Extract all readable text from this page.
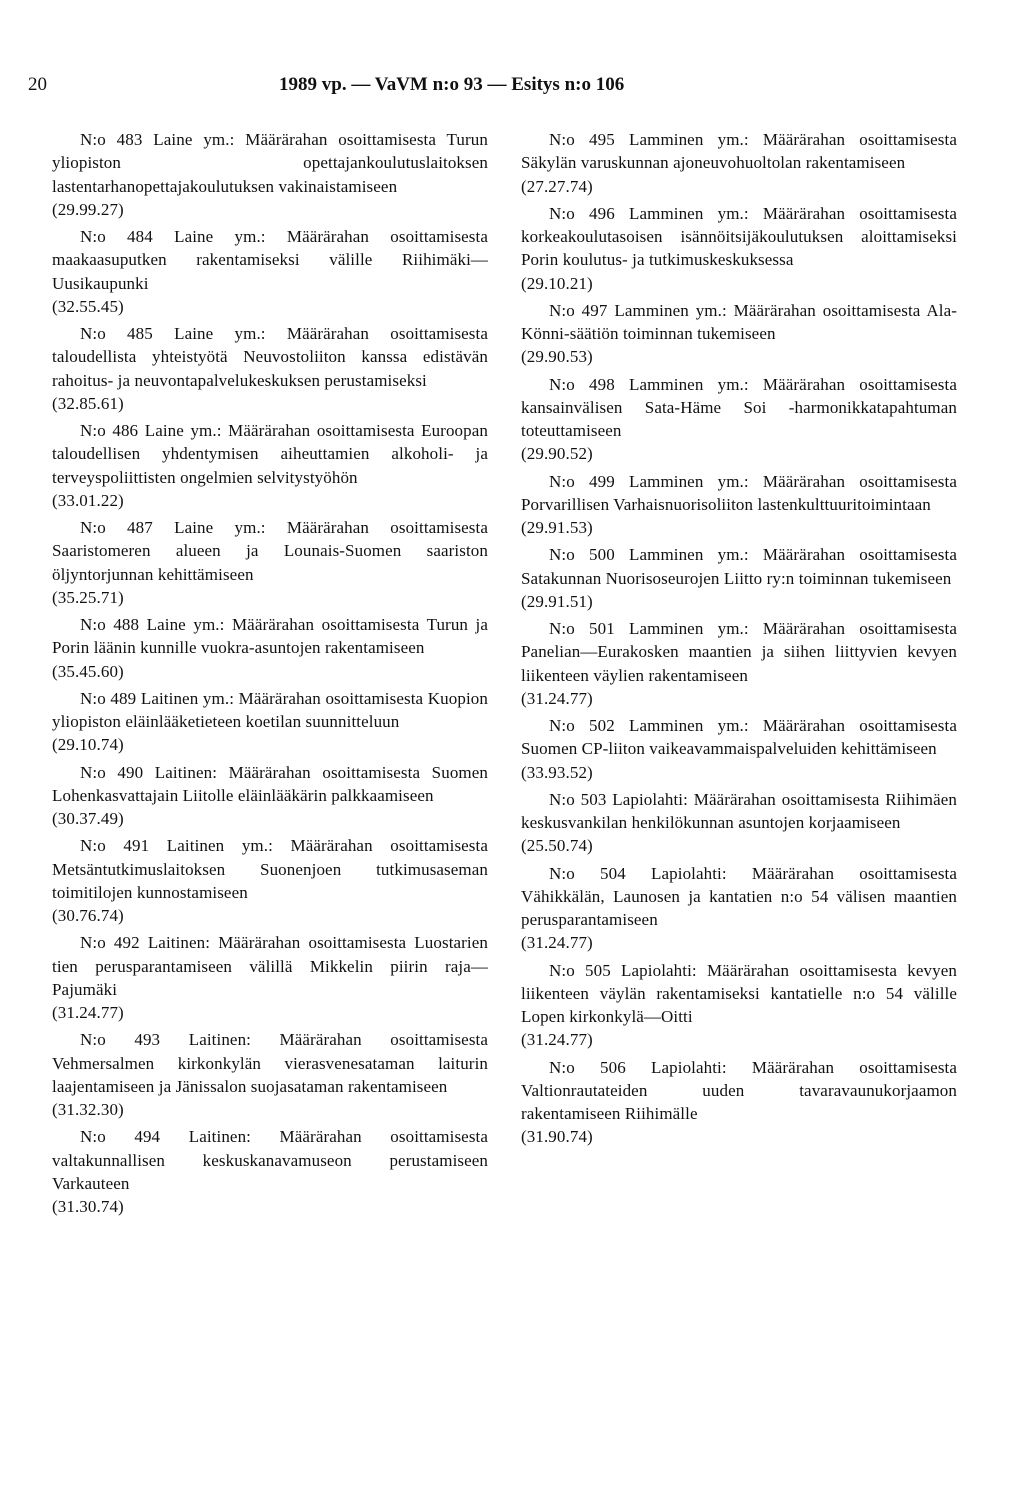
20	1989 vp. — VaVM n:o 93 — Esitys n:o 106

N:o 483 Laine ym.: Määrärahan osoittamisesta Turun yliopiston opettajankoulutuslaitoksen lastentarhanopettajakoulutuksen vakinaistamiseen

(29.99.27)

N:o 484 Laine ym.: Määrärahan osoittamisesta maakaasuputken rakentamiseksi välille Riihimäki—Uusikaupunki

(32.55.45)

N:o 485 Laine ym.: Määrärahan osoittamisesta taloudellista yhteistyötä Neuvostoliiton kanssa edistävän rahoitus- ja neuvontapalvelukeskuksen perustamiseksi

(32.85.61)

N:o 486 Laine ym.: Määrärahan osoittamisesta Euroopan taloudellisen yhdentymisen aiheuttamien alkoholi- ja terveyspoliittisten ongelmien selvitystyöhön

(33.01.22)

N:o 487 Laine ym.: Määrärahan osoittamisesta Saaristomeren alueen ja Lounais-Suomen saariston öljyntorjunnan kehittämiseen

(35.25.71)

N:o 488 Laine ym.: Määrärahan osoittamisesta Turun ja Porin läänin kunnille vuokra-asuntojen rakentamiseen

(35.45.60)

N:o 489 Laitinen ym.: Määrärahan osoittamisesta Kuopion yliopiston eläinlääketieteen koetilan suunnitteluun

(29.10.74)

N:o 490 Laitinen: Määrärahan osoittamisesta Suomen Lohenkasvattajain Liitolle eläinlääkärin palkkaamiseen

(30.37.49)

N:o 491 Laitinen ym.: Määrärahan osoittamisesta Metsäntutkimuslaitoksen Suonenjoen tutkimusaseman toimitilojen kunnostamiseen

(30.76.74)

N:o 492 Laitinen: Määrärahan osoittamisesta Luostarien tien perusparantamiseen välillä Mikkelin piirin raja—Pajumäki

(31.24.77)

N:o 493 Laitinen: Määrärahan osoittamisesta Vehmersalmen kirkonkylän vierasvenesataman laiturin laajentamiseen ja Jänissalon suojasataman rakentamiseen

(31.32.30)

N:o 494 Laitinen: Määrärahan osoittamisesta valtakunnallisen keskuskanavamuseon perustamiseen Varkauteen

(31.30.74)

N:o 495 Lamminen ym.: Määrärahan osoittamisesta Säkylän varuskunnan ajoneuvohuoltolan rakentamiseen

(27.27.74)

N:o 496 Lamminen ym.: Määrärahan osoittamisesta korkeakoulutasoisen isännöitsijäkoulutuksen aloittamiseksi Porin koulutus- ja tutkimuskeskuksessa

(29.10.21)

N:o 497 Lamminen ym.: Määrärahan osoittamisesta Ala-Könni-säätiön toiminnan tukemiseen

(29.90.53)

N:o 498 Lamminen ym.: Määrärahan osoittamisesta kansainvälisen Sata-Häme Soi -harmonikkatapahtuman toteuttamiseen

(29.90.52)

N:o 499 Lamminen ym.: Määrärahan osoittamisesta Porvarillisen Varhaisnuorisoliiton lastenkulttuuritoimintaan

(29.91.53)

N:o 500 Lamminen ym.: Määrärahan osoittamisesta Satakunnan Nuorisoseurojen Liitto ry:n toiminnan tukemiseen

(29.91.51)

N:o 501 Lamminen ym.: Määrärahan osoittamisesta Panelian—Eurakosken maantien ja siihen liittyvien kevyen liikenteen väylien rakentamiseen

(31.24.77)

N:o 502 Lamminen ym.: Määrärahan osoittamisesta Suomen CP-liiton vaikeavammaispalveluiden kehittämiseen

(33.93.52)

N:o 503 Lapiolahti: Määrärahan osoittamisesta Riihimäen keskusvankilan henkilökunnan asuntojen korjaamiseen

(25.50.74)

N:o 504 Lapiolahti: Määrärahan osoittamisesta Vähikkälän, Launosen ja kantatien n:o 54 välisen maantien perusparantamiseen

(31.24.77)

N:o 505 Lapiolahti: Määrärahan osoittamisesta kevyen liikenteen väylän rakentamiseksi kantatielle n:o 54 välille Lopen kirkonkylä—Oitti

(31.24.77)

N:o 506 Lapiolahti: Määrärahan osoittamisesta Valtionrautateiden uuden tavaravaunukorjaamon rakentamiseen Riihimälle

(31.90.74)
